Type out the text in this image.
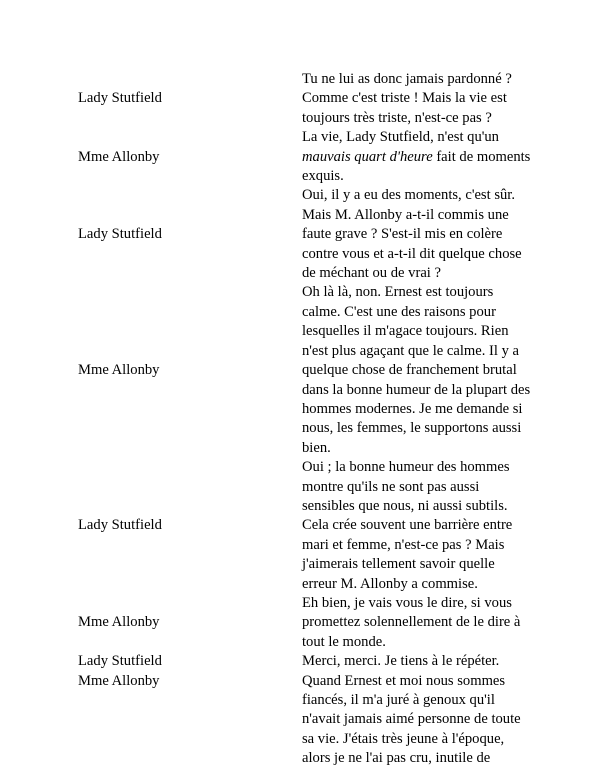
Lady Stutfield
Tu ne lui as donc jamais pardonné ? Comme c'est triste ! Mais la vie est toujours très triste, n'est-ce pas ?
Mme Allonby
La vie, Lady Stutfield, n'est qu'un mauvais quart d'heure fait de moments exquis.
Lady Stutfield
Oui, il y a eu des moments, c'est sûr. Mais M. Allonby a-t-il commis une faute grave ? S'est-il mis en colère contre vous et a-t-il dit quelque chose de méchant ou de vrai ?
Mme Allonby
Oh là là, non. Ernest est toujours calme. C'est une des raisons pour lesquelles il m'agace toujours. Rien n'est plus agaçant que le calme. Il y a quelque chose de franchement brutal dans la bonne humeur de la plupart des hommes modernes. Je me demande si nous, les femmes, le supportons aussi bien.
Lady Stutfield
Oui ; la bonne humeur des hommes montre qu'ils ne sont pas aussi sensibles que nous, ni aussi subtils. Cela crée souvent une barrière entre mari et femme, n'est-ce pas ? Mais j'aimerais tellement savoir quelle erreur M. Allonby a commise.
Mme Allonby
Eh bien, je vais vous le dire, si vous promettez solennellement de le dire à tout le monde.
Lady Stutfield	Merci, merci. Je tiens à le répéter.
Mme Allonby	Quand Ernest et moi nous sommes fiancés, il m'a juré à genoux qu'il n'avait jamais aimé personne de toute sa vie. J'étais très jeune à l'époque, alors je ne l'ai pas cru, inutile de
